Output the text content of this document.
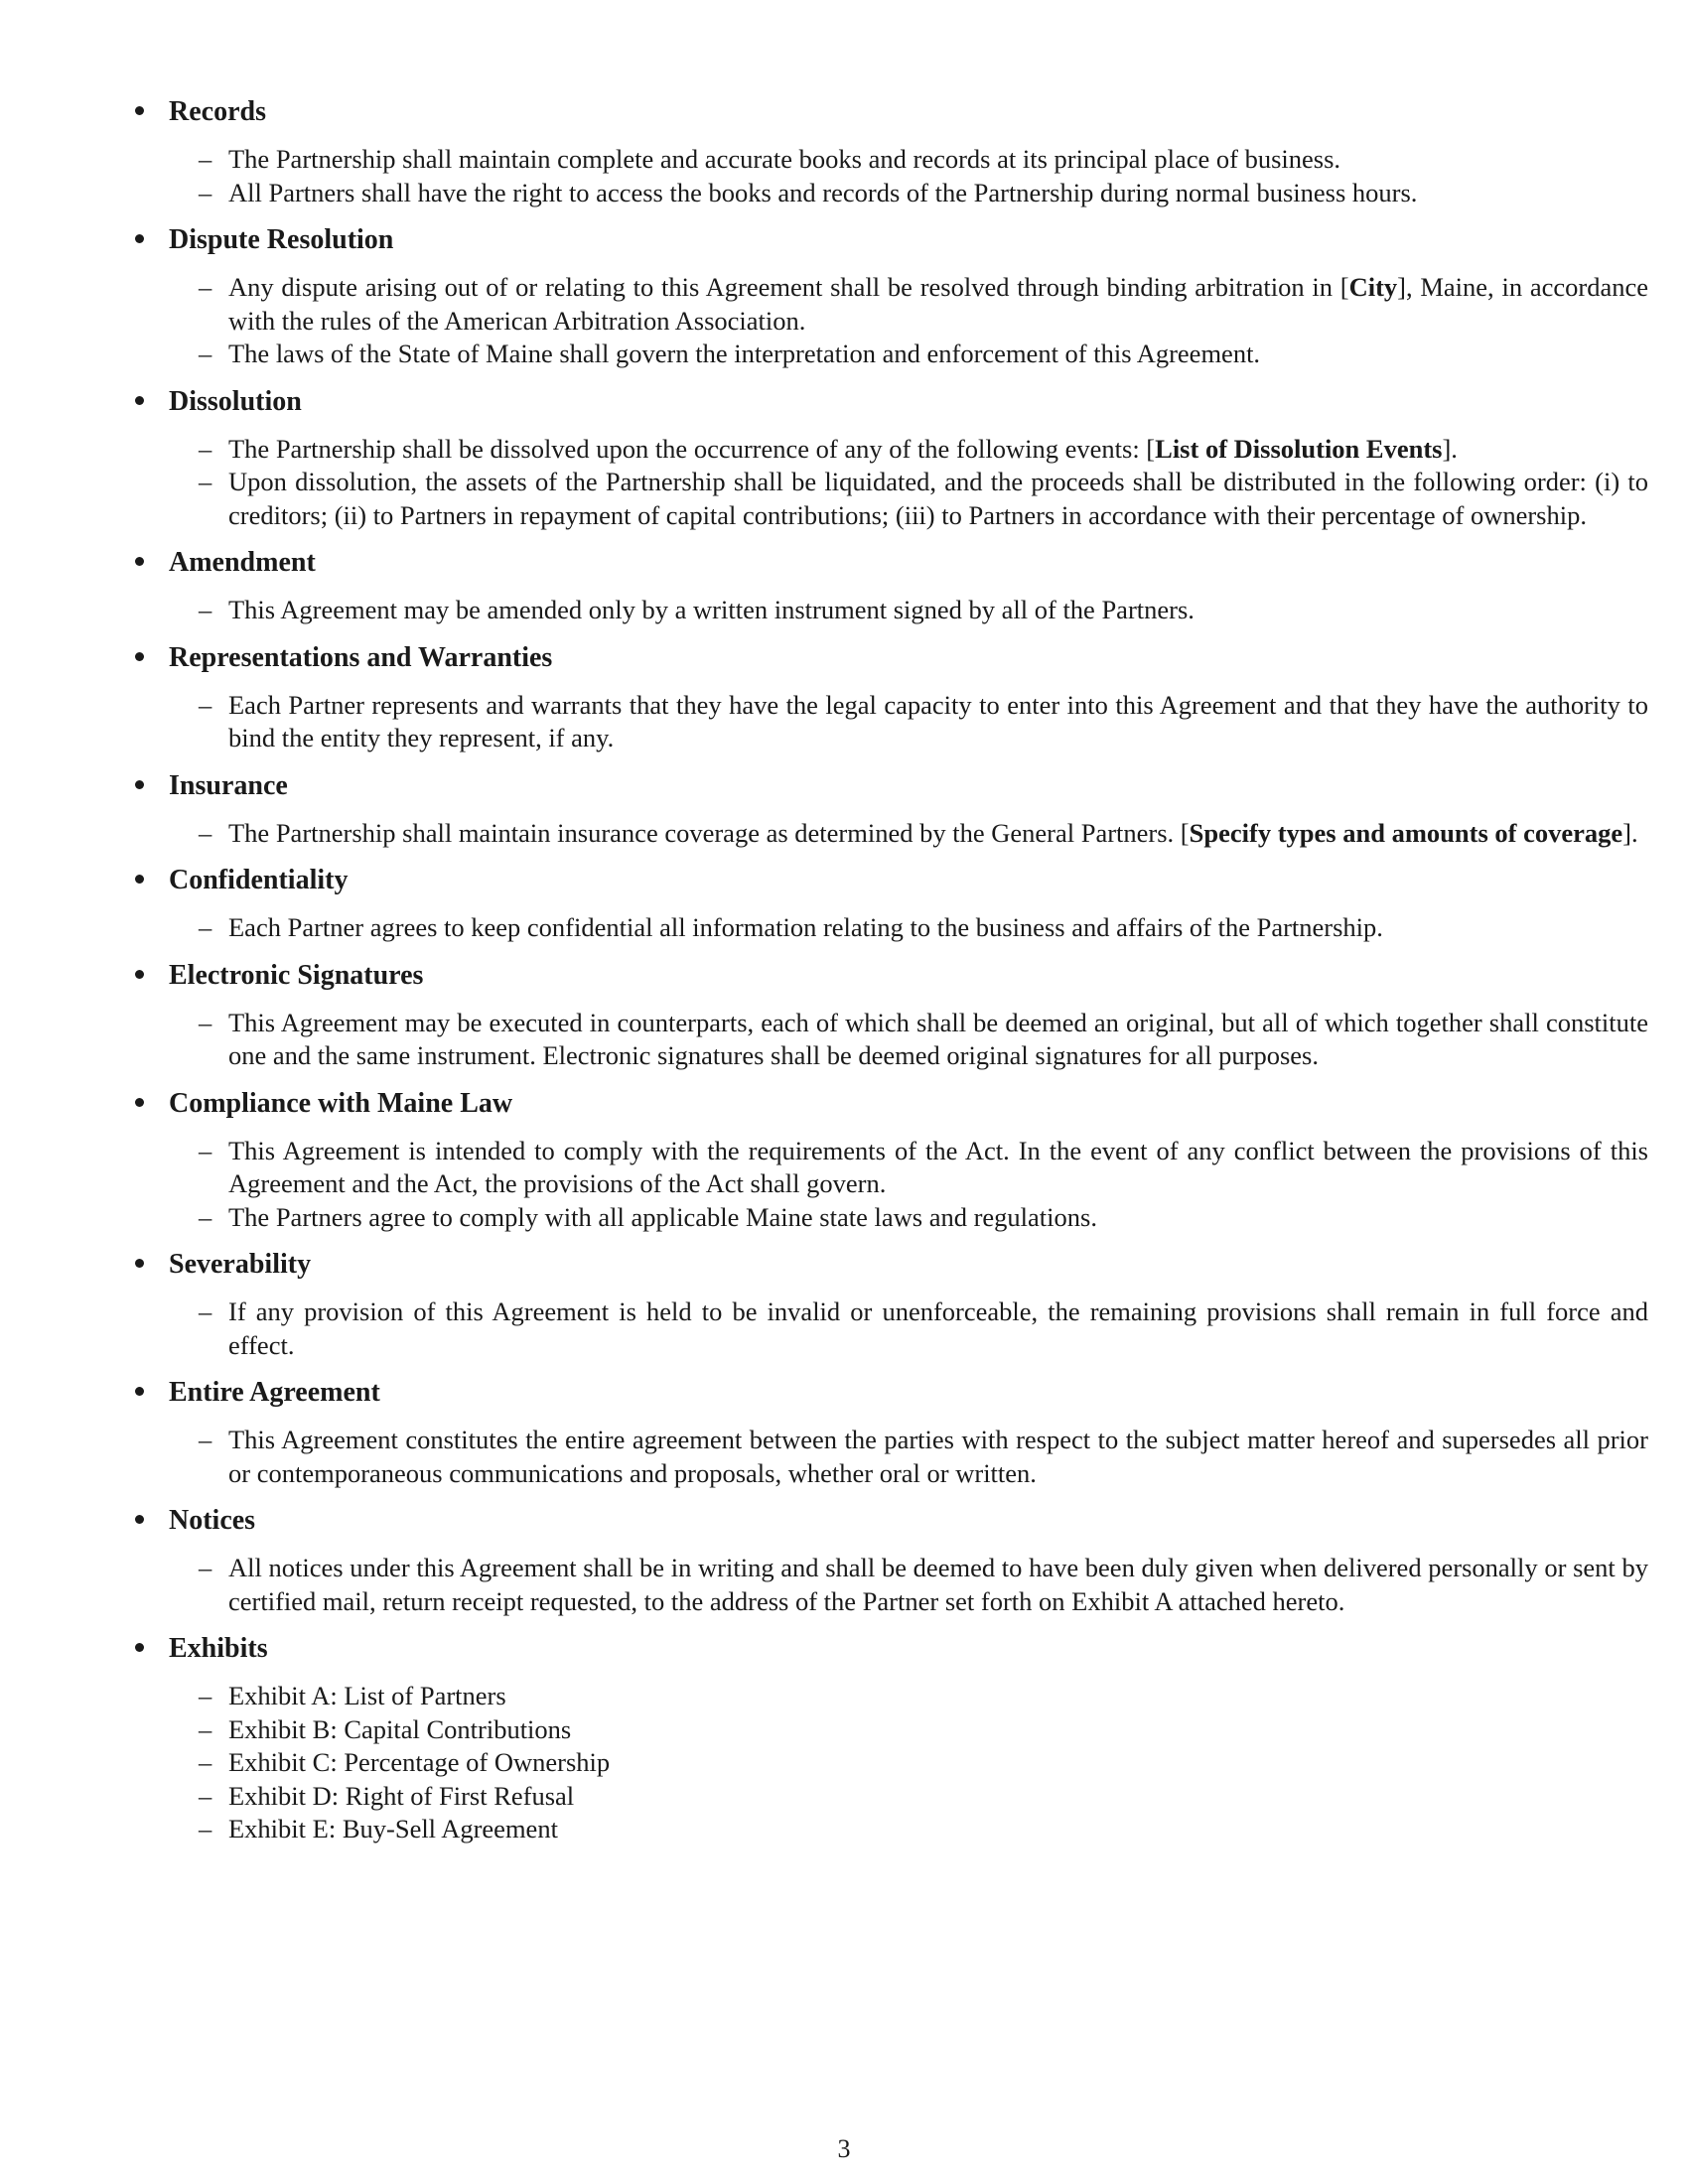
Records
– The Partnership shall maintain complete and accurate books and records at its principal place of business.
– All Partners shall have the right to access the books and records of the Partnership during normal business hours.
Dispute Resolution
– Any dispute arising out of or relating to this Agreement shall be resolved through binding arbitration in [City], Maine, in accordance with the rules of the American Arbitration Association.
– The laws of the State of Maine shall govern the interpretation and enforcement of this Agreement.
Dissolution
– The Partnership shall be dissolved upon the occurrence of any of the following events: [List of Dissolution Events].
– Upon dissolution, the assets of the Partnership shall be liquidated, and the proceeds shall be distributed in the following order: (i) to creditors; (ii) to Partners in repayment of capital contributions; (iii) to Partners in accordance with their percentage of ownership.
Amendment
– This Agreement may be amended only by a written instrument signed by all of the Partners.
Representations and Warranties
– Each Partner represents and warrants that they have the legal capacity to enter into this Agreement and that they have the authority to bind the entity they represent, if any.
Insurance
– The Partnership shall maintain insurance coverage as determined by the General Partners. [Specify types and amounts of coverage].
Confidentiality
– Each Partner agrees to keep confidential all information relating to the business and affairs of the Partnership.
Electronic Signatures
– This Agreement may be executed in counterparts, each of which shall be deemed an original, but all of which together shall constitute one and the same instrument. Electronic signatures shall be deemed original signatures for all purposes.
Compliance with Maine Law
– This Agreement is intended to comply with the requirements of the Act. In the event of any conflict between the provisions of this Agreement and the Act, the provisions of the Act shall govern.
– The Partners agree to comply with all applicable Maine state laws and regulations.
Severability
– If any provision of this Agreement is held to be invalid or unenforceable, the remaining provisions shall remain in full force and effect.
Entire Agreement
– This Agreement constitutes the entire agreement between the parties with respect to the subject matter hereof and supersedes all prior or contemporaneous communications and proposals, whether oral or written.
Notices
– All notices under this Agreement shall be in writing and shall be deemed to have been duly given when delivered personally or sent by certified mail, return receipt requested, to the address of the Partner set forth on Exhibit A attached hereto.
Exhibits
– Exhibit A: List of Partners
– Exhibit B: Capital Contributions
– Exhibit C: Percentage of Ownership
– Exhibit D: Right of First Refusal
– Exhibit E: Buy-Sell Agreement
3
